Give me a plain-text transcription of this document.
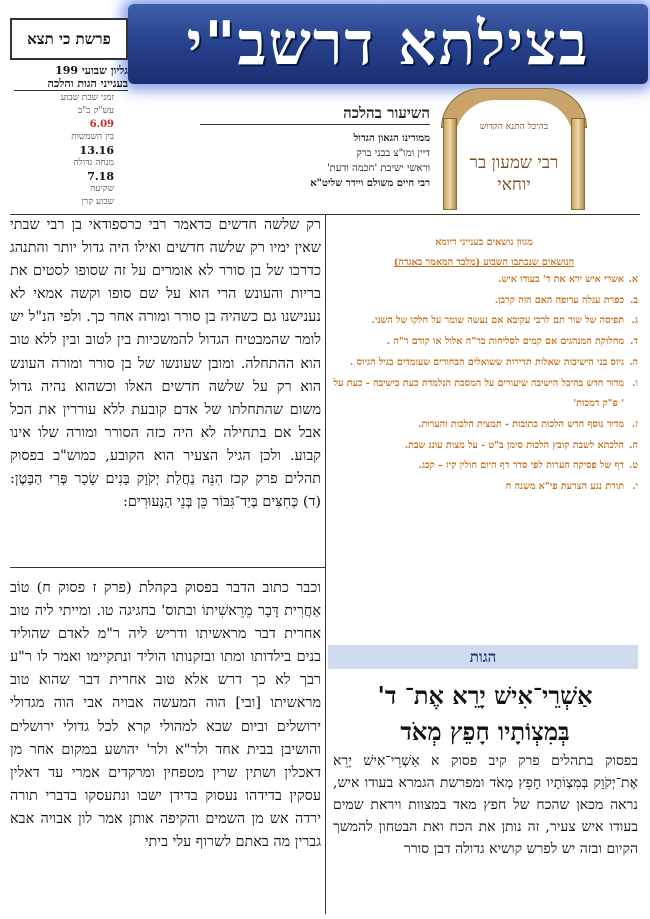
בצילתא דרשב"י
פרשת כי תצא
גליון שבועי 199
בענייני הגות והלכה
זמני שבת שבוע
עש"ק כ"ב
6.09
בין השמשות
13.16
מנחה גדולה
7.18
שקיעה
שבוע קרן
השיעור בהלכה
ממורינו הגאון הגדול
דיין ומו"צ בבני ברק
וראשי ישיבת 'חכמה ודעת'
רבי חיים משולם ויידר שליט"א
בהיכל התנא הקדוש
רבי שמעון בר יוחאי
רק שלשה חדשים כדאמר רבי כרספודאי בן רבי שבתי שאין ימיו רק שלשה חדשים ואילו היה גדול יותר והתנהג כדרכו של בן סורר לא אומרים על זה שסופו לסטים את בריות והעונש הרי הוא על שם סופו וקשה אמאי לא נענישנו גם כשהיה בן סורר ומורה אחר כך. ולפי הנ"ל יש לומר שהמבטיח הגדול להמשכיות בין לטוב ובין ללא טוב הוא ההתחלה. ומובן שעונשו של בן סורר ומורה העונש הוא רק על שלשה חדשים האלו וכשהוא נהיה גדול משום שהתחלתו של אדם קובעת ללא עוררין את הכל אבל אם בתחילה לא היה כזה הסורר ומורה שלו אינו קבוע. ולכן הגיל הצעיר הוא הקובע, כמוש"כ בפסוק תהלים פרק קכז הִנֵּה נַחֲלַת יְקֹוָק בָּנִים שָׂכָר פְּרִי הַבָּטֶן: (ד) כְּחִצִּים בְּיַד־גִּבּוֹר כֵּן בְּנֵי הַנְּעוּרִים:
וכבר כתוב הדבר בפסוק בקהלת (פרק ז פסוק ח) טוֹב אַחֲרִית דָּבָר מֵרֵאשִׁיתוֹ ובתוס' בחגיגה טו. ומייתי ליה טוב אחרית דבר מראשיתו ודריש ליה ר"מ לאדם שהוליד בנים בילדותו ומתו ובזקנותו הוליד ונתקיימו ואמר לו ר"ע רבך לא כך דרש אלא טוב אחרית דבר שהוא טוב מראשיתו [ובי] הוה המעשה אבויה אבי הוה מגדולי ירושלים וביום שבא למהולי קרא לכל גדולי ירושלים והושיבן בבית אחד ולר"א ולר' יהושע במקום אחר מן דאכלין ושתין שרין מטפחין ומרקדים אמרי עד דאלין עסקין בדידהו נעסוק בדידן ישבו ונתעסקו בדברי תורה ירדה אש מן השמים והקיפה אותן אמר לון אבויה אבא גברין מה באתם לשרוף עלי ביתי
מגוון נושאים בענייני דיומא
הנושאים שנכתבו השבוע (מלבד המאמר באגדה)
א.
אשרי איש ירא את ד' בעודו איש.
ב.
כפרת עגלה ערופה האם הוה קרבן.
ג.
תפיסה של שור תם לרבי עקיבא אם נעשה שומר על חלקו של השני.
ד.
מחלוקת המנהגים אם קמים לסליחות בר"ח אלול או קודם ר"ה .
ה.
גיוס בני הישיבות שאלות תדירות ששואלים הבחורים שעומדים בגיל הגיוס .
ו.
מדור חדש בהיכל הישיבה שיעורים על המסכת הנלמדת כעת בישיבה - כעת על ' פ"ק דמכות'
ז.
מדור נוסף חדש הלכות כתובות - תמצית הלכות והערות.
ח.
הלכתא לשבת קובץ הלכות סימן ב"ט - על מצות עונג שבת.
ט.
דף של פסיקה הערות לפי סדר דף היום חולין קיז – קכג.
י.
תורת נגע הצרעת פי"א משנה ח
הגות
אַשְׁרֵי־אִישׁ יָרֵא אֶת־ ד'
בְּמִצְוֹתָיו חָפֵץ מְאֹד
בפסוק בתהלים פרק קיב פסוק א אַשְׁרֵי־אִישׁ יָרֵא אֶת־יְקֹוָק בְּמִצְוֹתָיו חָפֵץ מְאֹד ומפרשת הגמרא בעודו איש, נראה מכאן שהכח של חפץ מאד במצוות ויראת שמים בעודו איש צעיר, זה נותן את הכח ואת הבטחון להמשך הקיום ובזה יש לפרש קושיא גדולה דבן סורר
